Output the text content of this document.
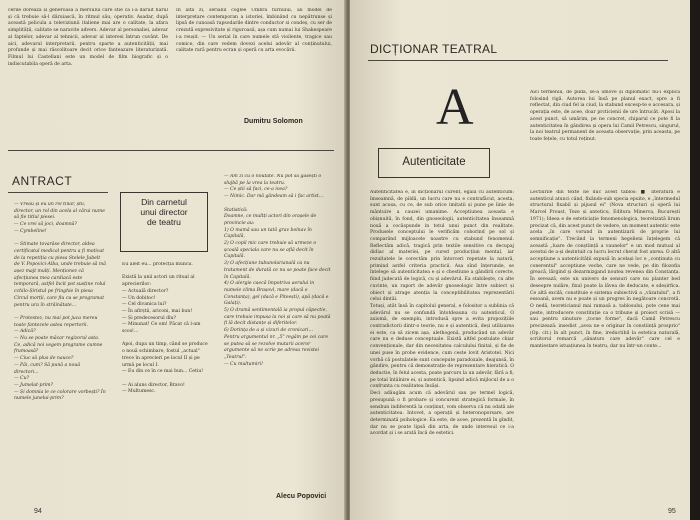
cerile dorează și generoasă a mersului care stie că i-a dăruit harul și că trebuie să-l dăruiască, în ritmul său, operativ. Asadar, după această pelicula a televiziunii italiene mai are o calitate, la afara simplității, calitate se naravite advers. Adevar al personaliei, adevar al faptelor, adevar al tehnicii, adevar al interesi întrun cuvânt. De aici, adevarul interpretarii, pentru sparte a autenticității, mai profunde și mai răscolitoare decit orice fanteazare literaturizată. Filmul lui Castellani este un model de film biografic și o indiscutabila operă de arta.
În alta zi, serialul coglee Umbra turnului, ali model de interpretare contemporan a istoriei, îmbinând cu nepătrunse și lipsă de cunoasă rapsodarile dintre conductor si condeș, cu ser de crezută expresivitate și riguroasă, așa cum numai lui Shakespeare i-a reușit. — Un serial în care numele stă vioilente, tragice sau comice, din care vedem dovezi acelui adevăr al conținutului, calitate rară pentru ecran și operă cu arta evocării.
Dumitru Solomon
ANTRACT
— Vreau și eu un rol tinăr, știi, director, un rol din acela al cărui nume să fie titlul piesei.
— Ce vrei să joci, doamnă?
— Cymbeline!

— Stimate tovarăse director, aldea certificatul medical pentru a fi motivat de la repetiția cu piesa Stelele Jubelt de V. Popovici-Alba, unde trebuie să mă așez majt mulți. Menționez că afecțiunea mea cardiacă este temporară, astfel încit pot susține rolul cchilo-Șiristul pe fringhie în piesa Circul morții, care fiu cu se programat pentru ura în străinătate...

— Protestez, nu mai pot juca mereu toate fantezele astea repertorii.
— Adică?
— Nu se poate măcar regizorul asta. Ce, adică noi vegem programe cumne frumoasă?
— Ciuc să plus de nauce?
— Păi, cum? Să pună a nouă directori...
— Cu?
— Jumelat-prim?
— Și domnia le ce colorare vorbești? În numele junelui-prim?
Din carnetul
unui director
de teatru
Eu aleit eu... protecția muncii.

Există la unii actori un ritual al aprecierilor:
— Actuală director?
— Un dobitoc!
— Cel divanica lui?
— În afirștii, ariconi, mai bun!
— Și predecesorul dlu?
— Minunat! Ce om! Păcat că l-am scos!...

Apoi, dupa un timp, când se produce o nouă schimbare, fostul „actual" trece în aprecieri pe locul II și pe urmă pe locul I.
— Eu din ce în ce mai bun... Cetiu!

— Ai aluns director, Bravo!
— Multumesc.
— Am zi cu o noutate. Nu pot să găsești o slujbă pe la vrea la teatru.
— Ce știi să faci, ce-a ivea?
— Nimic. Dar mă gândeam să i fac artist...

Statistică:
Doamne, ce multți actori din orașele de provincie au:
1) O mamă sau un tată grav bolnav în Capitală,
2) O copil mic care trebuie să urmeze o școală speciala care nu se află decit în Capitală.
3) O afecțiune tubunolarianală ca nu tratament de durată ce nu se poate face decit în Capitală.
4) O alergie caecă împotriva aerului in numele clima Brașovl, mare (dacă e Constanța), gel (dacă e Piteești), apă (dacă e Galați).
5) O dramă sentimentală ia propul căpectie, care trebuie impusa la noi și care să nu poată fi lă decit distanțe și diferitelor.
6) Dorința de a și vizuri de cronicari...
Pentru argumentul nr. „5" regăm pe cei care se putea să se rezolve mutarii aceror argumente să ne scrie pe adresa revistei „Teatrul".
— Cu multumiri!
Alecu Popovici
94
DICȚIONAR TEATRAL
A
Autenticitate
Aici termenul, de pildă, se-a umove și diplomatic nu-i explică folosind rigă. Autorea lui însă pe planul exact, spre a fi reflectat, din ciud fel ia ciud, la stabund excesp-te e accesara, și operația este, de acee, doar prcticienii de ure întrucăt. Aposi la acest punct, să umărim, pe ne concret, chiparul ce pote fi la autenticitatea în gândirea și opera lui Camil Petrescu, singurul, la noi teatrul permanent de aceasta observație, prin aceasta, pe toate fețele, cu totul reținut.
Autenticitatea e, în dicționarul curent, egala cu autenticum: îmseamnă, de pildă, un lucru care nu e contrafăcut, acesta, sunt acusa, cu ce, de sub orice imitatii și pune pe linie de mântuire a cauzei umanime. Acceptiunea aceasta e obișnuită, în fond, din gnoseologii, autenticitatea înseamnă nouă a cocăspunde in totul unui punct din realitate. Produsele conceptului le verificăm coborind pe sol și comparând mijloacele noastre cu stabund fenomenul. Reflectăm adică, tragică prin textile sensitive cu decupaj didiac al materiei, pe cured producțiun mental, iar rezultatele le corectăm prin întorceri repetate la natură, primind astfel criteria practicii. Asa sînd înțerunde, se întelege să autenticitatea e și o chestiune a gândirii corecte, fiind judecată de logică, cu și adevărul. Ea stabilește, cu alte cuvinte, un raport de adevăr gnoseologic între subiect și obiect și atrage atenția la conceptibilitatea reprezentării celui dintâi.
Totuși, atât însă în capitolul general, e folositor a sublinia că adevărul nu se confundă întotdeauna cu autenticul. O axiomă, de exemplu, introdusă spre a evita propozițiile contradictorii dintr-o teorie, nu e și autentică, deși utilizarea ei este, ca să zicem așa, alethogenă, producând un adevăr care nu e deduse conceptuale. Există altfel postulate chiar convenționale, dar din necesitatea calculului finital, și fie de unei puse în probe evidence, cum ceste lovit Aristotel. Nici vorbă că postulatele sunt concepute paradoxale, deajunsă, în gândire, pentru că demonstrație de reprezentare hieratică. O deductie, în felul acesta, poate parcurs la un adevăr, fără a fi, pe total întâlnire ei, și autentică, lipsind adică mijlocul de a o confrunta cu realitatea însăși.
Deci adăugăm acum că adevărul sau pe termel logică, presupună o fi probare și concurent strategică formale, în sensbun indiferentă la conținut, vom observa că nu odată ale autenticitatea. Intovet, a operații și heteronoporsare, are determinată psihologice. Ea este, de acee, prezentă în gîndit, dar nu se poate lipsă din arta, de unde interesul ce i-a acordat și i se arată încă de estetici.
Lectiurile din texte ne duc acest tablos: ■ literatură e autenticul atunci când, fixândo-sub specia epuite, e „întermedul structural fixabil și pijusul ei" (Nova structuri și operă lui Marcel Proust, Teze și anteticu, Editura Minerva, București 1971); Ideea e de esteticiație fenomenologica, teoretizată lirum precizat că, din acest punct de vedere, un moment autentic este acela „în care vorund in autentizarii de proprie lui semnificație". Trecând la termeni hegelieni înțelegem că aceastâ „luare de conștiință a vaunelor" e un mod mutual al acestui de a-și dezintuit ca lucru lecrut cherat fost anrea. O altă acceptiune a autenticității expusă în același loc e „conținuta cu conerentul" acceptiune veche, care ne vede, pe din filozofia greacă, lărgind și dezarmizgand noutea revenea din Constanța. În sevează, este un univers de sensuri care nu planter bed deseopre nulăre, fixul poate la lăvea de deducate, e sdeșirfica. Ce altă excilă, constituie e sistema subiectivă a „văzatuluí", a fi essoană, avem nu e poate și un progres în negătoare concretă. O nedă, teoreticianul mai ramasă a. tablosului, pote cene mai peste, introducere constituție ca o tribune și proiect scrisă — sau pentru sinuture „tocne forme", dacă Camil Petrescu precizează: insedist „avea ne e originar în constiință prosprio" (Op. cit.) în alt punct, în fine, ireductibil la estetica naturală, scriitorul remarcă „sănaturs care adevăr" care cel e mantiestare istuațiunea în teatru, dar nu într-un conte...
95
